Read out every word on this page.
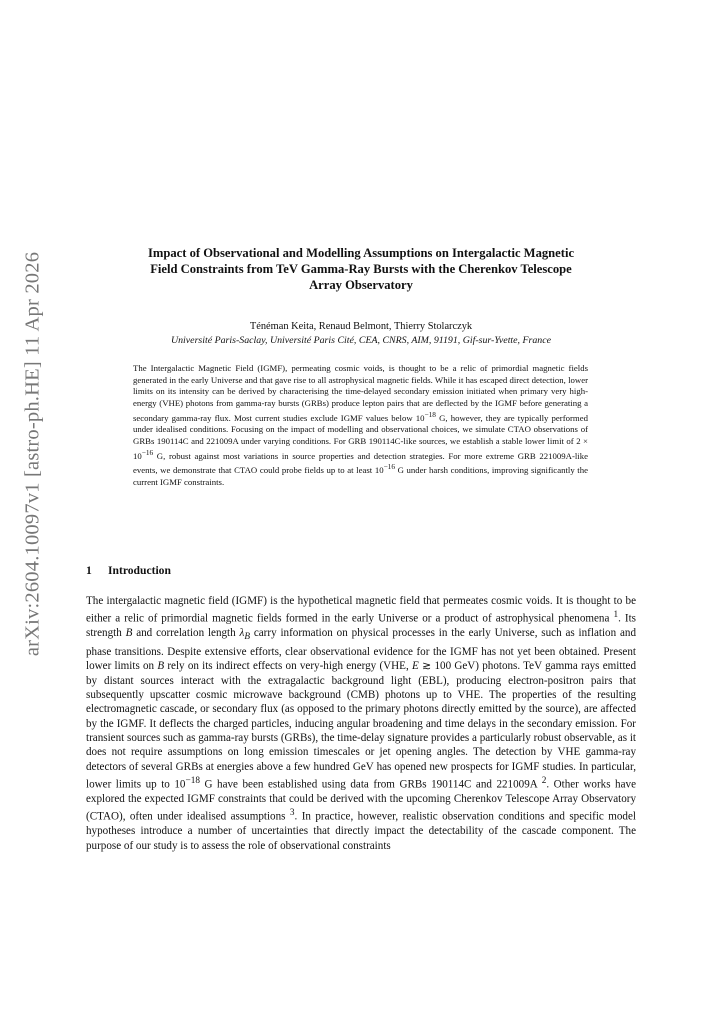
arXiv:2604.10097v1 [astro-ph.HE] 11 Apr 2026	Impact of Observational and Modelling Assumptions on Intergalactic Magnetic
Field Constraints from TeV Gamma-Ray Bursts with the Cherenkov Telescope
Array Observatory
Ténéman Keita, Renaud Belmont, Thierry Stolarczyk
Université Paris-Saclay, Université Paris Cité, CEA, CNRS, AIM, 91191, Gif-sur-Yvette, France
The Intergalactic Magnetic Field (IGMF), permeating cosmic voids, is thought to be a relic of primordial magnetic fields generated in the early Universe and that gave rise to all astrophysical magnetic fields. While it has escaped direct detection, lower limits on its intensity can be derived by characterising the time-delayed secondary emission initiated when primary very high-energy (VHE) photons from gamma-ray bursts (GRBs) produce lepton pairs that are deflected by the IGMF before generating a secondary gamma-ray flux. Most current studies exclude IGMF values below $10^{-18}$ G, however, they are typically performed under idealised conditions. Focusing on the impact of modelling and observational choices, we simulate CTAO observations of GRBs 190114C and 221009A under varying conditions. For GRB 190114C-like sources, we establish a stable lower limit of $2 \times 10^{-16}$ G, robust against most variations in source properties and detection strategies. For more extreme GRB 221009A-like events, we demonstrate that CTAO could probe fields up to at least $10^{-16}$ G under harsh conditions, improving significantly the current IGMF constraints.
1 Introduction
The intergalactic magnetic field (IGMF) is the hypothetical magnetic field that permeates cosmic voids. It is thought to be either a relic of primordial magnetic fields formed in the early Universe or a product of astrophysical phenomena $^1$. Its strength B and correlation length $\lambda_B$ carry information on physical processes in the early Universe, such as inflation and phase transitions. Despite extensive efforts, clear observational evidence for the IGMF has not yet been obtained. Present lower limits on B rely on its indirect effects on very-high energy (VHE, E ≳ 100 GeV) photons. TeV gamma rays emitted by distant sources interact with the extragalactic background light (EBL), producing electron-positron pairs that subsequently upscatter cosmic microwave background (CMB) photons up to VHE. The properties of the resulting electromagnetic cascade, or secondary flux (as opposed to the primary photons directly emitted by the source), are affected by the IGMF. It deflects the charged particles, inducing angular broadening and time delays in the secondary emission. For transient sources such as gamma-ray bursts (GRBs), the time-delay signature provides a particularly robust observable, as it does not require assumptions on long emission timescales or jet opening angles. The detection by VHE gamma-ray detectors of several GRBs at energies above a few hundred GeV has opened new prospects for IGMF studies. In particular, lower limits up to $10^{-18}$ G have been established using data from GRBs 190114C and 221009A $^2$. Other works have explored the expected IGMF constraints that could be derived with the upcoming Cherenkov Telescope Array Observatory (CTAO), often under idealised assumptions $^3$. In practice, however, realistic observation conditions and specific model hypotheses introduce a number of uncertainties that directly impact the detectability of the cascade component. The purpose of our study is to assess the role of observational constraints
